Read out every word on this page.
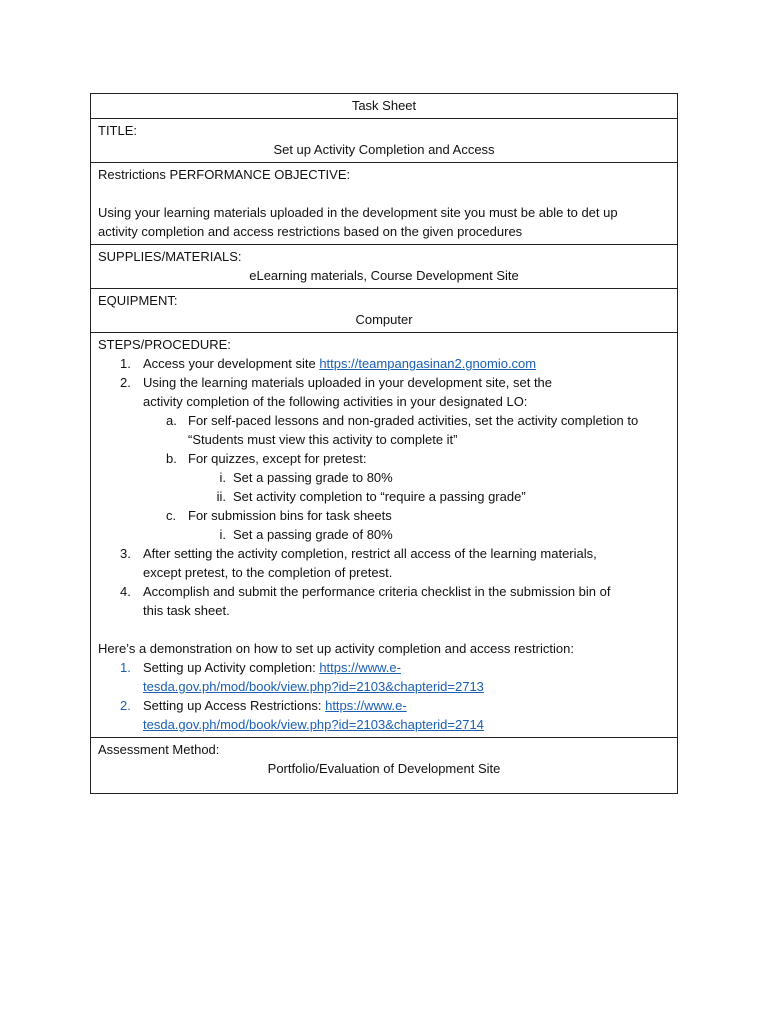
Task Sheet
TITLE:
Set up Activity Completion and Access
Restrictions PERFORMANCE OBJECTIVE:
Using your learning materials uploaded in the development site you must be able to det up
activity completion and access restrictions based on the given procedures
SUPPLIES/MATERIALS:
eLearning materials, Course Development Site
EQUIPMENT:
Computer
STEPS/PROCEDURE:
1. Access your development site https://teampangasinan2.gnomio.com
2. Using the learning materials uploaded in your development site, set the
activity completion of the following activities in your designated LO:
a. For self-paced lessons and non-graded activities, set the activity completion to
“Students must view this activity to complete it”
b. For quizzes, except for pretest:
i. Set a passing grade to 80%
ii. Set activity completion to “require a passing grade”
c. For submission bins for task sheets
i. Set a passing grade of 80%
3. After setting the activity completion, restrict all access of the learning materials,
except pretest, to the completion of pretest.
4. Accomplish and submit the performance criteria checklist in the submission bin of
this task sheet.
Here’s a demonstration on how to set up activity completion and access restriction:
1. Setting up Activity completion: https://www.e-
tesda.gov.ph/mod/book/view.php?id=2103&chapterid=2713
2. Setting up Access Restrictions: https://www.e-
tesda.gov.ph/mod/book/view.php?id=2103&chapterid=2714
Assessment Method:
Portfolio/Evaluation of Development Site
